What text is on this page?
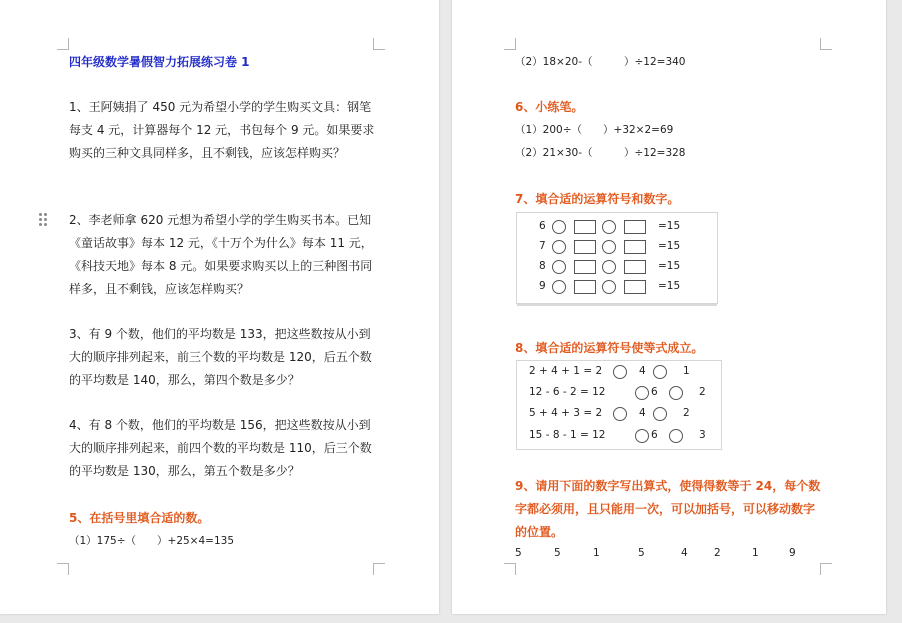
四年级数学暑假智力拓展练习卷 1
1、王阿姨捐了 450 元为希望小学的学生购买文具：钢笔每支 4 元，计算器每个 12 元，书包每个 9 元。如果要求购买的三种文具同样多，且不剩钱，应该怎样购买？
2、李老师拿 620 元想为希望小学的学生购买书本。已知《童话故事》每本 12 元，《十万个为什么》每本 11 元，《科技天地》每本 8 元。如果要求购买以上的三种图书同样多，且不剩钱，应该怎样购买？
3、有 9 个数，他们的平均数是 133，把这些数按从小到大的顺序排列起来，前三个数的平均数是 120，后五个数的平均数是 140，那么，第四个数是多少？
4、有 8 个数，他们的平均数是 156，把这些数按从小到大的顺序排列起来，前四个数的平均数是 110，后三个数的平均数是 130，那么，第五个数是多少？
5、在括号里填合适的数。
（1）175÷（　　）+25×4=135
（2）18×20-（　　　）÷12=340
6、小练笔。
（1）200÷（　　）+32×2=69
（2）21×30-（　　　）÷12=328
7、填合适的运算符号和数字。
6	=15
7	=15
8	=15
9	=15
8、填合适的运算符号使等式成立。
2 + 4 + 1 = 2	4	1
12 - 6 - 2 = 12	6	2
5 + 4 + 3 = 2	4	2
15 - 8 - 1 = 12	6	3
9、请用下面的数字写出算式，使得得数等于 24，每个数字都必须用，且只能用一次，可以加括号，可以移动数字的位置。
5	5	1	5	4	2	1	9
